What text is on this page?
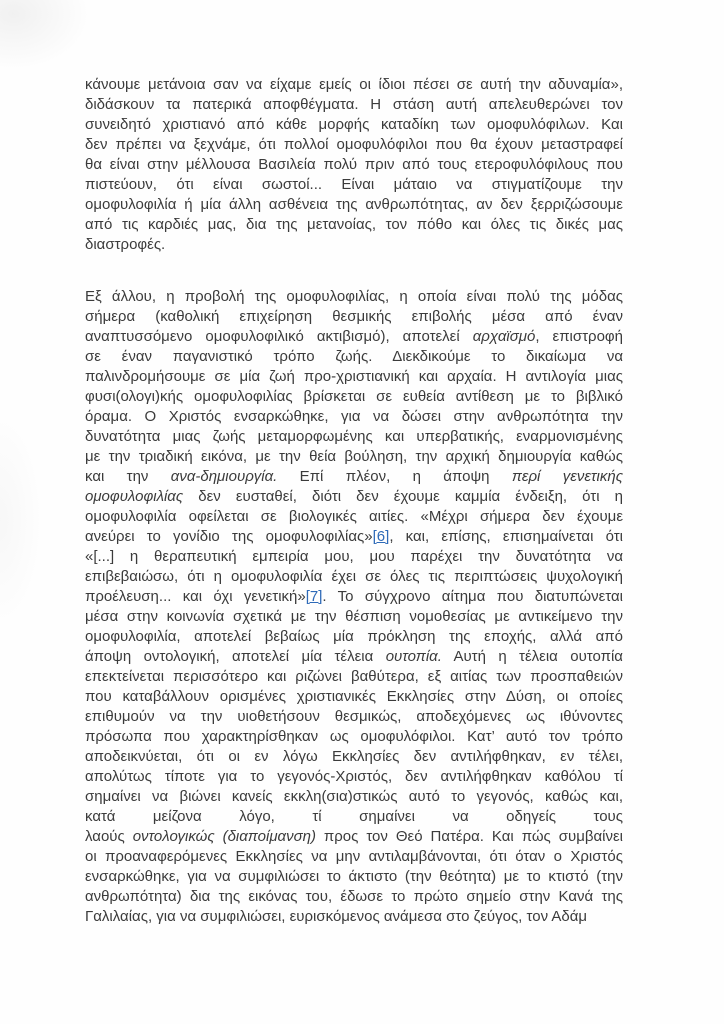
κάνουμε μετάνοια σαν να είχαμε εμείς οι ίδιοι πέσει σε αυτή την αδυναμία»,
διδάσκουν τα πατερικά αποφθέγματα. Η στάση αυτή απελευθερώνει τον
συνειδητό χριστιανό από κάθε μορφής καταδίκη των ομοφυλόφιλων. Και
δεν πρέπει να ξεχνάμε, ότι πολλοί ομοφυλόφιλοι που θα έχουν μεταστραφεί
θα είναι στην μέλλουσα Βασιλεία πολύ πριν από τους ετεροφυλόφιλους που
πιστεύουν, ότι είναι σωστοί... Είναι μάταιο να στιγματίζουμε την
ομοφυλοφιλία ή μία άλλη ασθένεια της ανθρωπότητας, αν δεν ξερριζώσουμε
από τις καρδιές μας, δια της μετανοίας, τον πόθο και όλες τις δικές μας
διαστροφές.
Εξ άλλου, η προβολή της ομοφυλοφιλίας, η οποία είναι πολύ της μόδας
σήμερα (καθολική επιχείρηση θεσμικής επιβολής μέσα από έναν
αναπτυσσόμενο ομοφυλοφιλικό ακτιβισμό), αποτελεί αρχαϊσμό, επιστροφή
σε έναν παγανιστικό τρόπο ζωής. Διεκδικούμε το δικαίωμα να
παλινδρομήσουμε σε μία ζωή προ-χριστιανική και αρχαία. Η αντιλογία μιας
φυσι(ολογι)κής ομοφυλοφιλίας βρίσκεται σε ευθεία αντίθεση με το βιβλικό
όραμα. Ο Χριστός ενσαρκώθηκε, για να δώσει στην ανθρωπότητα την
δυνατότητα μιας ζωής μεταμορφωμένης και υπερβατικής, εναρμονισμένης
με την τριαδική εικόνα, με την θεία βούληση, την αρχική δημιουργία καθώς
και την ανα-δημιουργία. Επί πλέον, η άποψη περί γενετικής
ομοφυλοφιλίας δεν ευσταθεί, διότι δεν έχουμε καμμία ένδειξη, ότι η
ομοφυλοφιλία οφείλεται σε βιολογικές αιτίες. «Μέχρι σήμερα δεν έχουμε
ανεύρει το γονίδιο της ομοφυλοφιλίας»[6], και, επίσης, επισημαίνεται ότι
«[...] η θεραπευτική εμπειρία μου, μου παρέχει την δυνατότητα να
επιβεβαιώσω, ότι η ομοφυλοφιλία έχει σε όλες τις περιπτώσεις ψυχολογική
προέλευση... και όχι γενετική»[7]. Το σύγχρονο αίτημα που διατυπώνεται
μέσα στην κοινωνία σχετικά με την θέσπιση νομοθεσίας με αντικείμενο την
ομοφυλοφιλία, αποτελεί βεβαίως μία πρόκληση της εποχής, αλλά από
άποψη οντολογική, αποτελεί μία τέλεια ουτοπία. Αυτή η τέλεια ουτοπία
επεκτείνεται περισσότερο και ριζώνει βαθύτερα, εξ αιτίας των προσπαθειών
που καταβάλλουν ορισμένες χριστιανικές Εκκλησίες στην Δύση, οι οποίες
επιθυμούν να την υιοθετήσουν θεσμικώς, αποδεχόμενες ως ιθύνοντες
πρόσωπα που χαρακτηρίσθηκαν ως ομοφυλόφιλοι. Κατ’ αυτό τον τρόπο
αποδεικνύεται, ότι οι εν λόγω Εκκλησίες δεν αντιλήφθηκαν, εν τέλει,
απολύτως τίποτε για το γεγονός-Χριστός, δεν αντιλήφθηκαν καθόλου τί
σημαίνει να βιώνει κανείς εκκλη(σια)στικώς αυτό το γεγονός, καθώς και,
κατά μείζονα λόγο, τί σημαίνει να οδηγείς τους
λαούς οντολογικώς (διαποίμανση) προς τον Θεό Πατέρα. Και πώς συμβαίνει
οι προαναφερόμενες Εκκλησίες να μην αντιλαμβάνονται, ότι όταν ο Χριστός
ενσαρκώθηκε, για να συμφιλιώσει το άκτιστο (την θεότητα) με το κτιστό (την
ανθρωπότητα) δια της εικόνας του, έδωσε το πρώτο σημείο στην Κανά της
Γαλιλαίας, για να συμφιλιώσει, ευρισκόμενος ανάμεσα στο ζεύγος, τον Αδάμ
